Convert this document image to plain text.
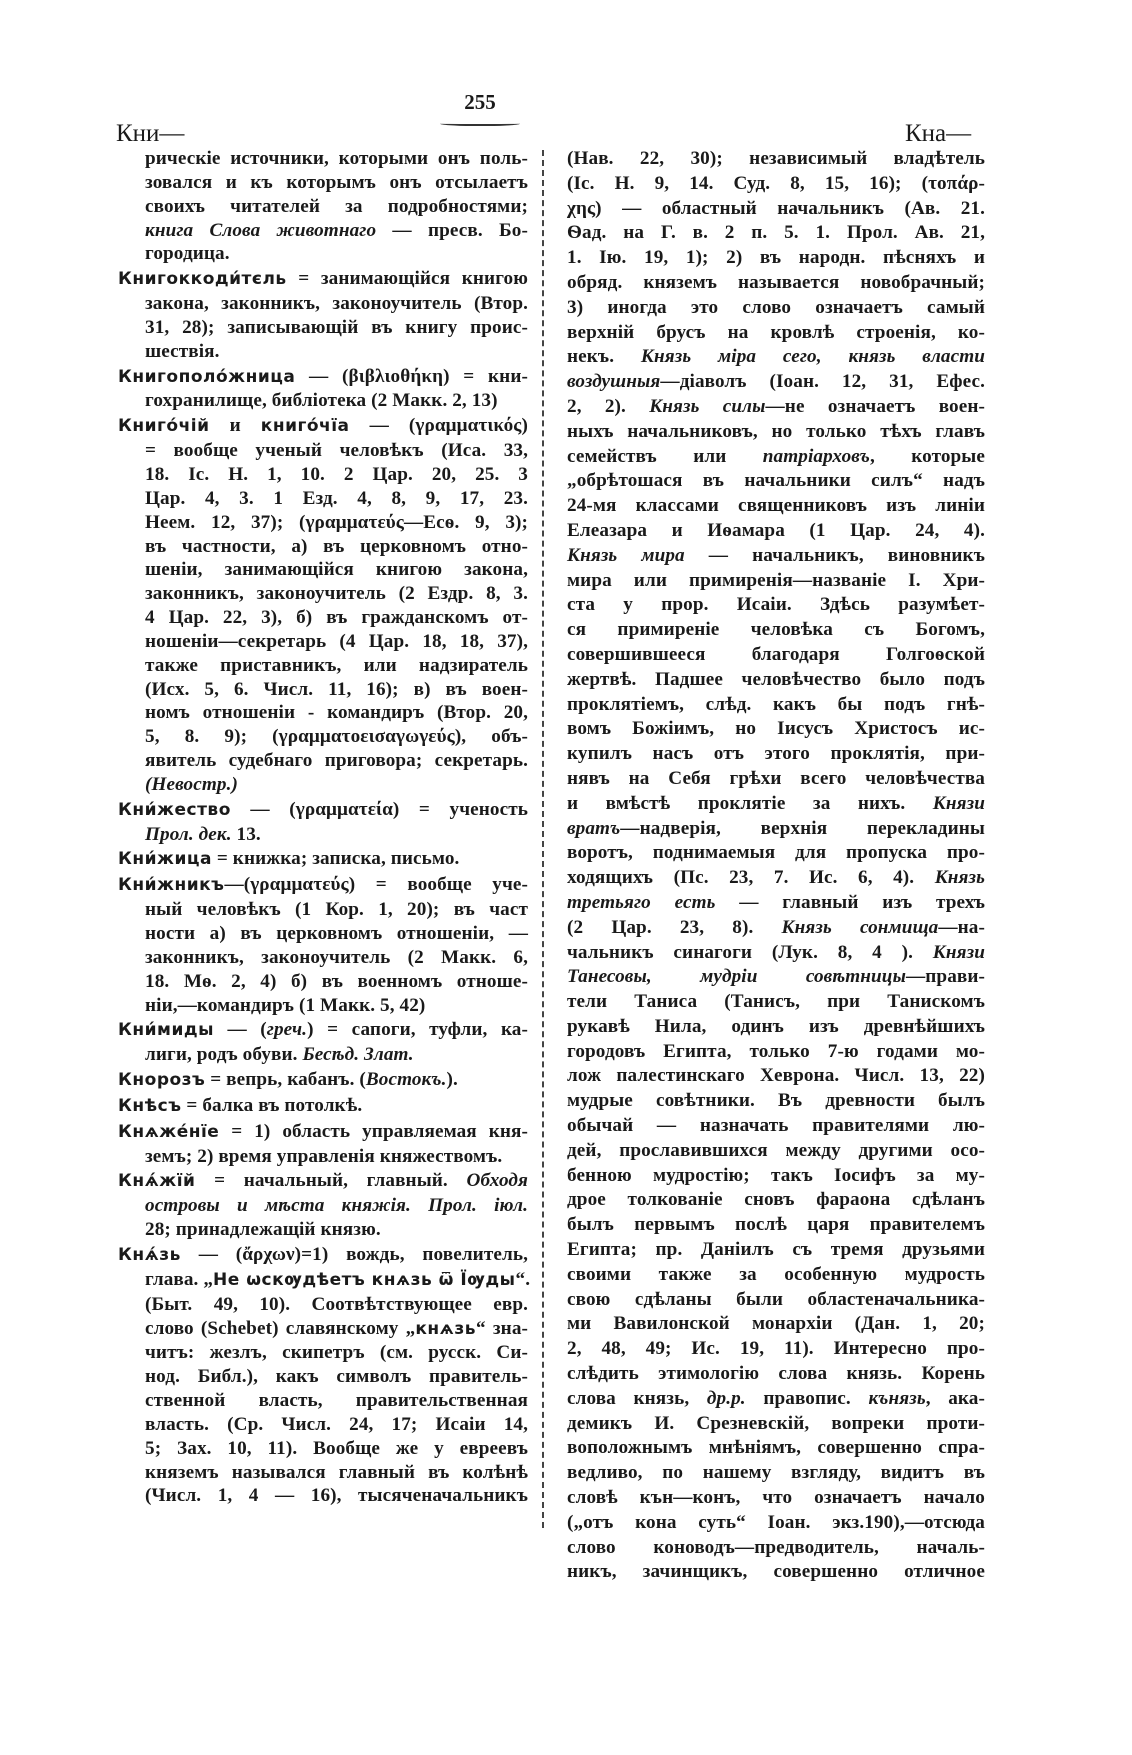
255
Кни—	Кна—
рическіе источники, которыми онъ поль-
зовался и къ которымъ онъ отсылаетъ
своихъ читателей за подробностями;
книга Слова животнаго — пресв. Бо-
городица.
Книгоккоди́тєль = занимающійся книгою
закона, законникъ, законоучитель (Втор.
31, 28); записывающій въ книгу проис-
шествія.
Книгополо́жница — (βιβλιοθήκη) = кни-
гохранилище, библіотека (2 Макк. 2, 13)
Книго́чій и книго́чїа — (γραμματικός)
= вообще ученый человѣкъ (Иса. 33,
18. Іс. Н. 1, 10. 2 Цар. 20, 25. 3
Цар. 4, 3. 1 Езд. 4, 8, 9, 17, 23.
Неем. 12, 37); (γραμματεύς—Есѳ. 9, 3);
въ частности, а) въ церковномъ отно-
шеніи, занимающійся книгою закона,
законникъ, законоучитель (2 Ездр. 8, 3.
4 Цар. 22, 3), б) въ гражданскомъ от-
ношеніи—секретарь (4 Цар. 18, 18, 37),
также приставникъ, или надзиратель
(Исх. 5, 6. Числ. 11, 16); в) въ воен-
номъ отношеніи - командиръ (Втор. 20,
5, 8. 9); (γραμματοεισαγωγεύς), объ-
явитель судебнаго приговора; секретарь.
(Невостр.)
Кни́жество — (γραμματεία) = ученость
Прол. дек. 13.
Кни́жица = книжка; записка, письмо.
Кни́жникъ—(γραμματεύς) = вообще уче-
ный человѣкъ (1 Кор. 1, 20); въ част
ности а) въ церковномъ отношеніи, —
законникъ, законоучитель (2 Макк. 6,
18. Мѳ. 2, 4) б) въ военномъ отноше-
ніи,—командиръ (1 Макк. 5, 42)
Кни́миды — (греч.) = сапоги, туфли, ка-
лиги, родъ обуви. Бесѣд. Злат.
Кнорозъ = вепрь, кабанъ. (Востокъ.).
Кнѣсъ = балка въ потолкѣ.
Кнѧже́нїе = 1) область управляемая кня-
земъ; 2) время управленія княжествомъ.
Кнѧ́жїй = начальный, главный. Обходя
островы и мѣста княжія. Прол. іюл.
28; принадлежащій князю.
Кнѧ́зь — (ἄρχων)=1) вождь, повелитель,
глава. „Не ѡскѹдѣетъ кнѧзь ѿ Їѹды“.
(Быт. 49, 10). Соотвѣтствующее евр.
слово (Schebet) славянскому „кнѧзь“ зна-
читъ: жезлъ, скипетръ (см. русск. Си-
нод. Библ.), какъ символъ правитель-
ственной власть, правительственная
власть. (Ср. Числ. 24, 17; Исаіи 14,
5; Зах. 10, 11). Вообще же у евреевъ
княземъ назывался главный въ колѣнѣ
(Числ. 1, 4 — 16), тысяченачальникъ
(Нав. 22, 30); независимый владѣтель
(Іс. Н. 9, 14. Суд. 8, 15, 16); (τοπάρ-
χης) — областный начальникъ (Ав. 21.
Ѳад. на Г. в. 2 п. 5. 1. Прол. Ав. 21,
1. Ію. 19, 1); 2) въ народн. пѣсняхъ и
обряд. княземъ называется новобрачный;
3) иногда это слово означаетъ самый
верхній брусъ на кровлѣ строенія, ко-
некъ. Князь міра сего, князь власти
воздушныя—діаволъ (Іоан. 12, 31, Ефес.
2, 2). Князь силы—не означаетъ воен-
ныхъ начальниковъ, но только тѣхъ главъ
семействъ или патріарховъ, которые
„обрѣтошася въ начальники силъ“ надъ
24-мя классами священниковъ изъ линіи
Елеазара и Иѳамара (1 Цар. 24, 4).
Князь мира — начальникъ, виновникъ
мира или примиренія—названіе І. Хри-
ста у прор. Исаіи. Здѣсь разумѣет-
ся примиреніе человѣка съ Богомъ,
совершившееся благодаря Голгоѳской
жертвѣ. Падшее человѣчество было подъ
проклятіемъ, слѣд. какъ бы подъ гнѣ-
вомъ Божіимъ, но Іисусъ Христосъ ис-
купилъ насъ отъ этого проклятія, при-
нявъ на Себя грѣхи всего человѣчества
и вмѣстѣ проклятіе за нихъ. Князи
вратъ—надверія, верхнія перекладины
воротъ, поднимаемыя для пропуска про-
ходящихъ (Пс. 23, 7. Ис. 6, 4). Князь
третьяго есть — главный изъ трехъ
(2 Цар. 23, 8). Князь сонмища—на-
чальникъ синагоги (Лук. 8, 4 ). Князи
Танесовы, мудріи совѣтницы—прави-
тели Таниса (Танисъ, при Танискомъ
рукавѣ Нила, одинъ изъ древнѣйшихъ
городовъ Египта, только 7-ю годами мо-
лож палестинскаго Хеврона. Числ. 13, 22)
мудрые совѣтники. Въ древности былъ
обычай — назначать правителями лю-
дей, прославившихся между другими осо-
бенною мудростію; такъ Іосифъ за му-
дрое толкованіе сновъ фараона сдѣланъ
былъ первымъ послѣ царя правителемъ
Египта; пр. Даніилъ съ тремя друзьями
своими также за особенную мудрость
свою сдѣланы были областеначальника-
ми Вавилонской монархіи (Дан. 1, 20;
2, 48, 49; Ис. 19, 11). Интересно про-
слѣдить этимологію слова князь. Корень
слова князь, др.р. правопис. кънязь, ака-
демикъ И. Срезневскій, вопреки проти-
воположнымъ мнѣніямъ, совершенно спра-
ведливо, по нашему взгляду, видитъ въ
словѣ кън—конъ, что означаетъ начало
(„отъ кона суть“ Іоан. экз.190),—отсюда
слово коноводъ—предводитель, началь-
никъ, зачинщикъ, совершенно отличное
